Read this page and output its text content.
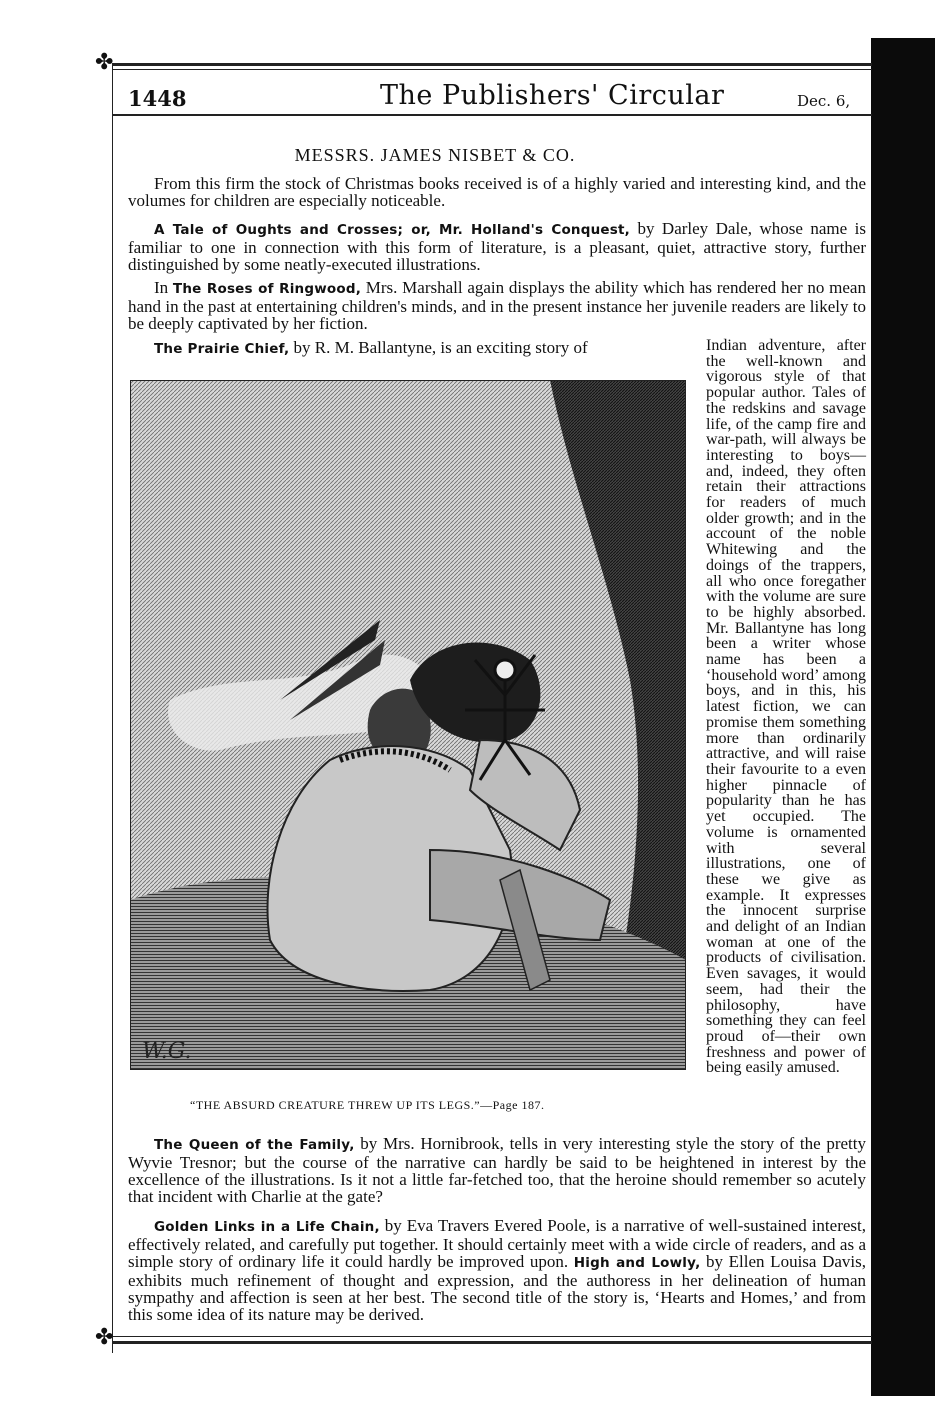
✤
✤
1448	The Publishers' Circular	Dec. 6,
MESSRS. JAMES NISBET & CO.

From this firm the stock of Christmas books received is of a highly varied and interesting kind, and the volumes for children are especially noticeable.

A Tale of Oughts and Crosses; or, Mr. Holland's Conquest, by Darley Dale, whose name is familiar to one in connection with this form of literature, is a pleasant, quiet, attractive story, further distinguished by some neatly-executed illustrations.

In The Roses of Ringwood, Mrs. Marshall again displays the ability which has rendered her no mean hand in the past at entertaining children's minds, and in the present instance her juvenile readers are likely to be deeply captivated by her fiction.

The Prairie Chief, by R. M. Ballantyne, is an exciting story of	Indian adventure, after the well-known and vigorous style of that popular author. Tales of the redskins and savage life, of the camp fire and war-path, will always be interesting to boys—and, indeed, they often retain their attractions for readers of much older growth; and in the account of the noble Whitewing and the doings of the trappers, all who once foregather with the volume are sure to be highly absorbed. Mr. Ballantyne has long been a writer whose name has been a ‘household word’ among boys, and in this, his latest fiction, we can promise them something more than ordinarily attractive, and will raise their favourite to a even higher pinnacle of popularity than he has yet occupied. The volume is ornamented with several illustrations, one of these we give as example. It expresses the innocent surprise and delight of an Indian woman at one of the products of civilisation. Even savages, it would seem, had their the philosophy, have something they can feel proud of—their own freshness and power of being easily amused.

W.G.
“THE ABSURD CREATURE THREW UP ITS LEGS.”—Page 187.

The Queen of the Family, by Mrs. Hornibrook, tells in very interesting style the story of the pretty Wyvie Tresnor; but the course of the narrative can hardly be said to be heightened in interest by the excellence of the illustrations. Is it not a little far-fetched too, that the heroine should remember so acutely that incident with Charlie at the gate?

Golden Links in a Life Chain, by Eva Travers Evered Poole, is a narrative of well-sustained interest, effectively related, and carefully put together. It should certainly meet with a wide circle of readers, and as a simple story of ordinary life it could hardly be improved upon. High and Lowly, by Ellen Louisa Davis, exhibits much refinement of thought and expression, and the authoress in her delineation of human sympathy and affection is seen at her best. The second title of the story is, ‘Hearts and Homes,’ and from this some idea of its nature may be derived.
